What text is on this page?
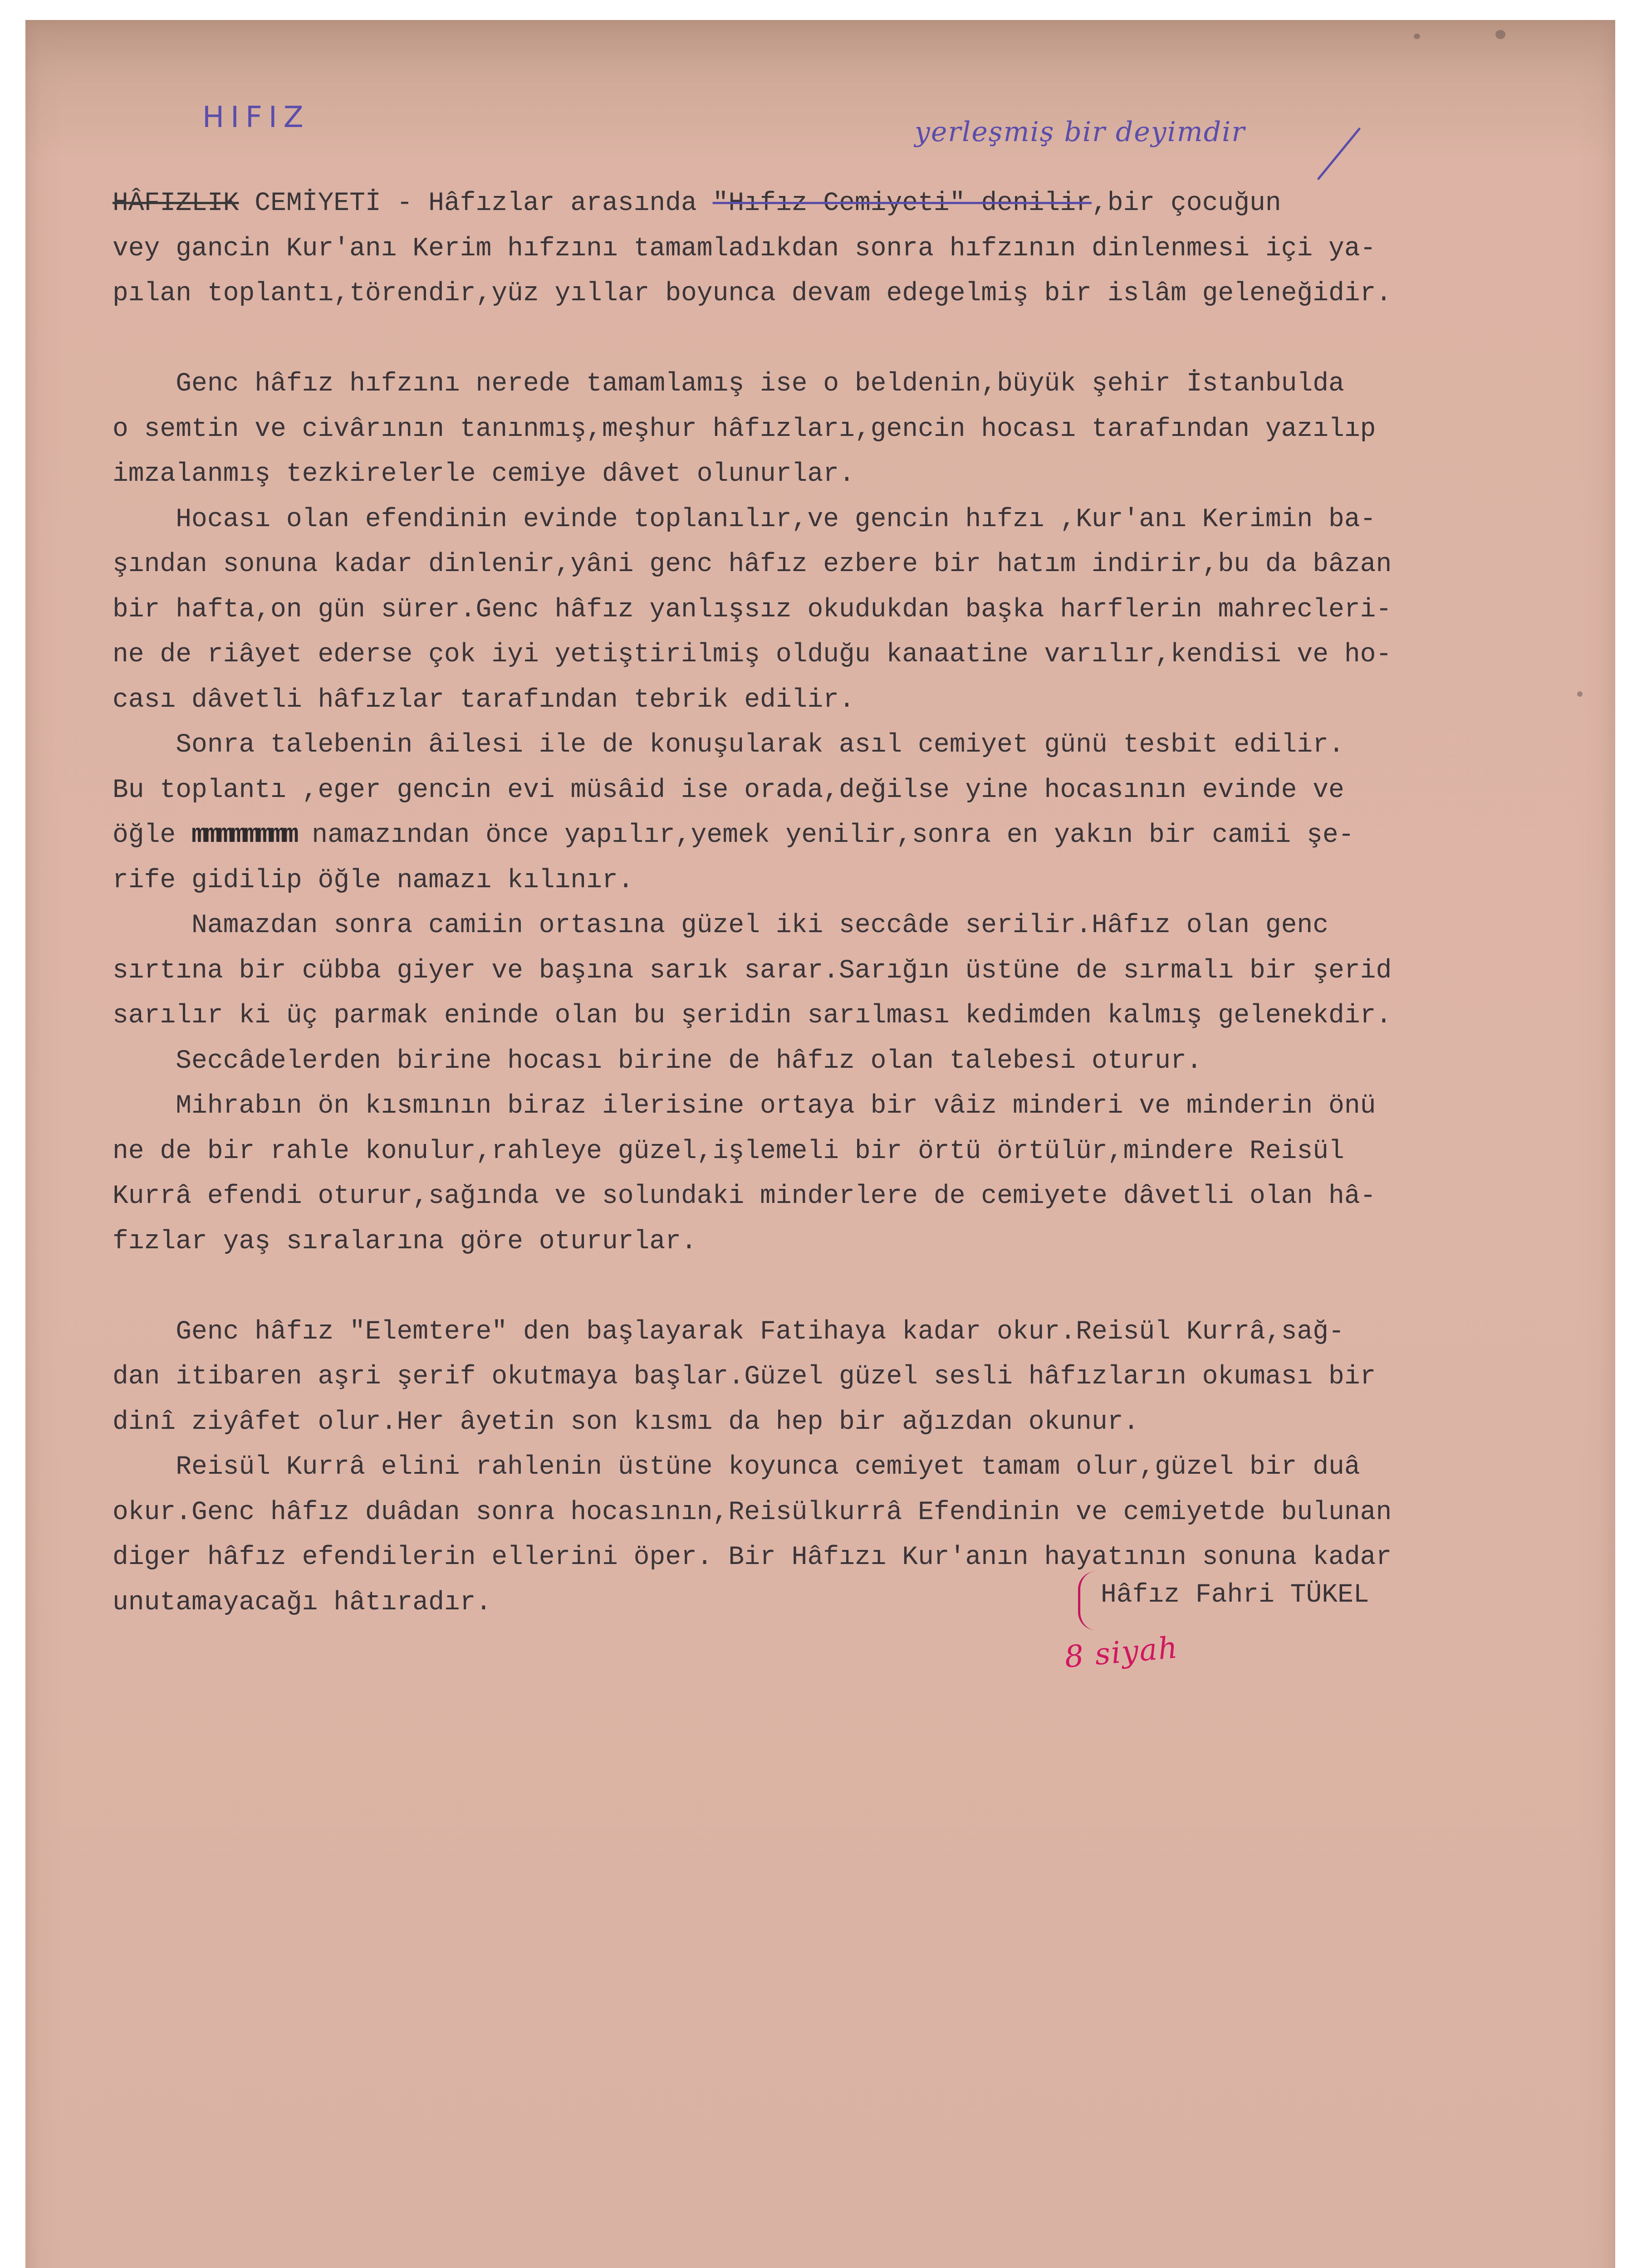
HIFIZ	yerleşmiş bir deyimdir
HÂFIZLIK CEMİYETİ - Hâfızlar arasında "Hıfız Cemiyeti" denilir,bir çocuğun
vey gancin Kur'anı Kerim hıfzını tamamladıkdan sonra hıfzının dinlenmesi içi ya-
pılan toplantı,törendir,yüz yıllar boyunca devam edegelmiş bir islâm geleneğidir.

Genc hâfız hıfzını nerede tamamlamış ise o beldenin,büyük şehir İstanbulda
o semtin ve civârının tanınmış,meşhur hâfızları,gencin hocası tarafından yazılıp
imzalanmış tezkirelerle cemiye dâvet olunurlar.
Hocası olan efendinin evinde toplanılır,ve gencin hıfzı ,Kur'anı Kerimin ba-
şından sonuna kadar dinlenir,yâni genc hâfız ezbere bir hatım indirir,bu da bâzan
bir hafta,on gün sürer.Genc hâfız yanlışsız okudukdan başka harflerin mahrecleri-
ne de riâyet ederse çok iyi yetiştirilmiş olduğu kanaatine varılır,kendisi ve ho-
cası dâvetli hâfızlar tarafından tebrik edilir.
Sonra talebenin âilesi ile de konuşularak asıl cemiyet günü tesbit edilir.
Bu toplantı ,eger gencin evi müsâid ise orada,değilse yine hocasının evinde ve
öğle mmmmmmmm namazından önce yapılır,yemek yenilir,sonra en yakın bir camii şe-
rife gidilip öğle namazı kılınır.
Namazdan sonra camiin ortasına güzel iki seccâde serilir.Hâfız olan genc
sırtına bir cübba giyer ve başına sarık sarar.Sarığın üstüne de sırmalı bir şerid
sarılır ki üç parmak eninde olan bu şeridin sarılması kedimden kalmış gelenekdir.
Seccâdelerden birine hocası birine de hâfız olan talebesi oturur.
Mihrabın ön kısmının biraz ilerisine ortaya bir vâiz minderi ve minderin önü
ne de bir rahle konulur,rahleye güzel,işlemeli bir örtü örtülür,mindere Reisül
Kurrâ efendi oturur,sağında ve solundaki minderlere de cemiyete dâvetli olan hâ-
fızlar yaş sıralarına göre otururlar.

Genc hâfız "Elemtere" den başlayarak Fatihaya kadar okur.Reisül Kurrâ,sağ-
dan itibaren aşri şerif okutmaya başlar.Güzel güzel sesli hâfızların okuması bir
dinî ziyâfet olur.Her âyetin son kısmı da hep bir ağızdan okunur.
Reisül Kurrâ elini rahlenin üstüne koyunca cemiyet tamam olur,güzel bir duâ
okur.Genc hâfız duâdan sonra hocasının,Reisülkurrâ Efendinin ve cemiyetde bulunan
diger hâfız efendilerin ellerini öper. Bir Hâfızı Kur'anın hayatının sonuna kadar
unutamayacağı hâtıradır.	Hâfız Fahri TÜKEL
8 siyah
